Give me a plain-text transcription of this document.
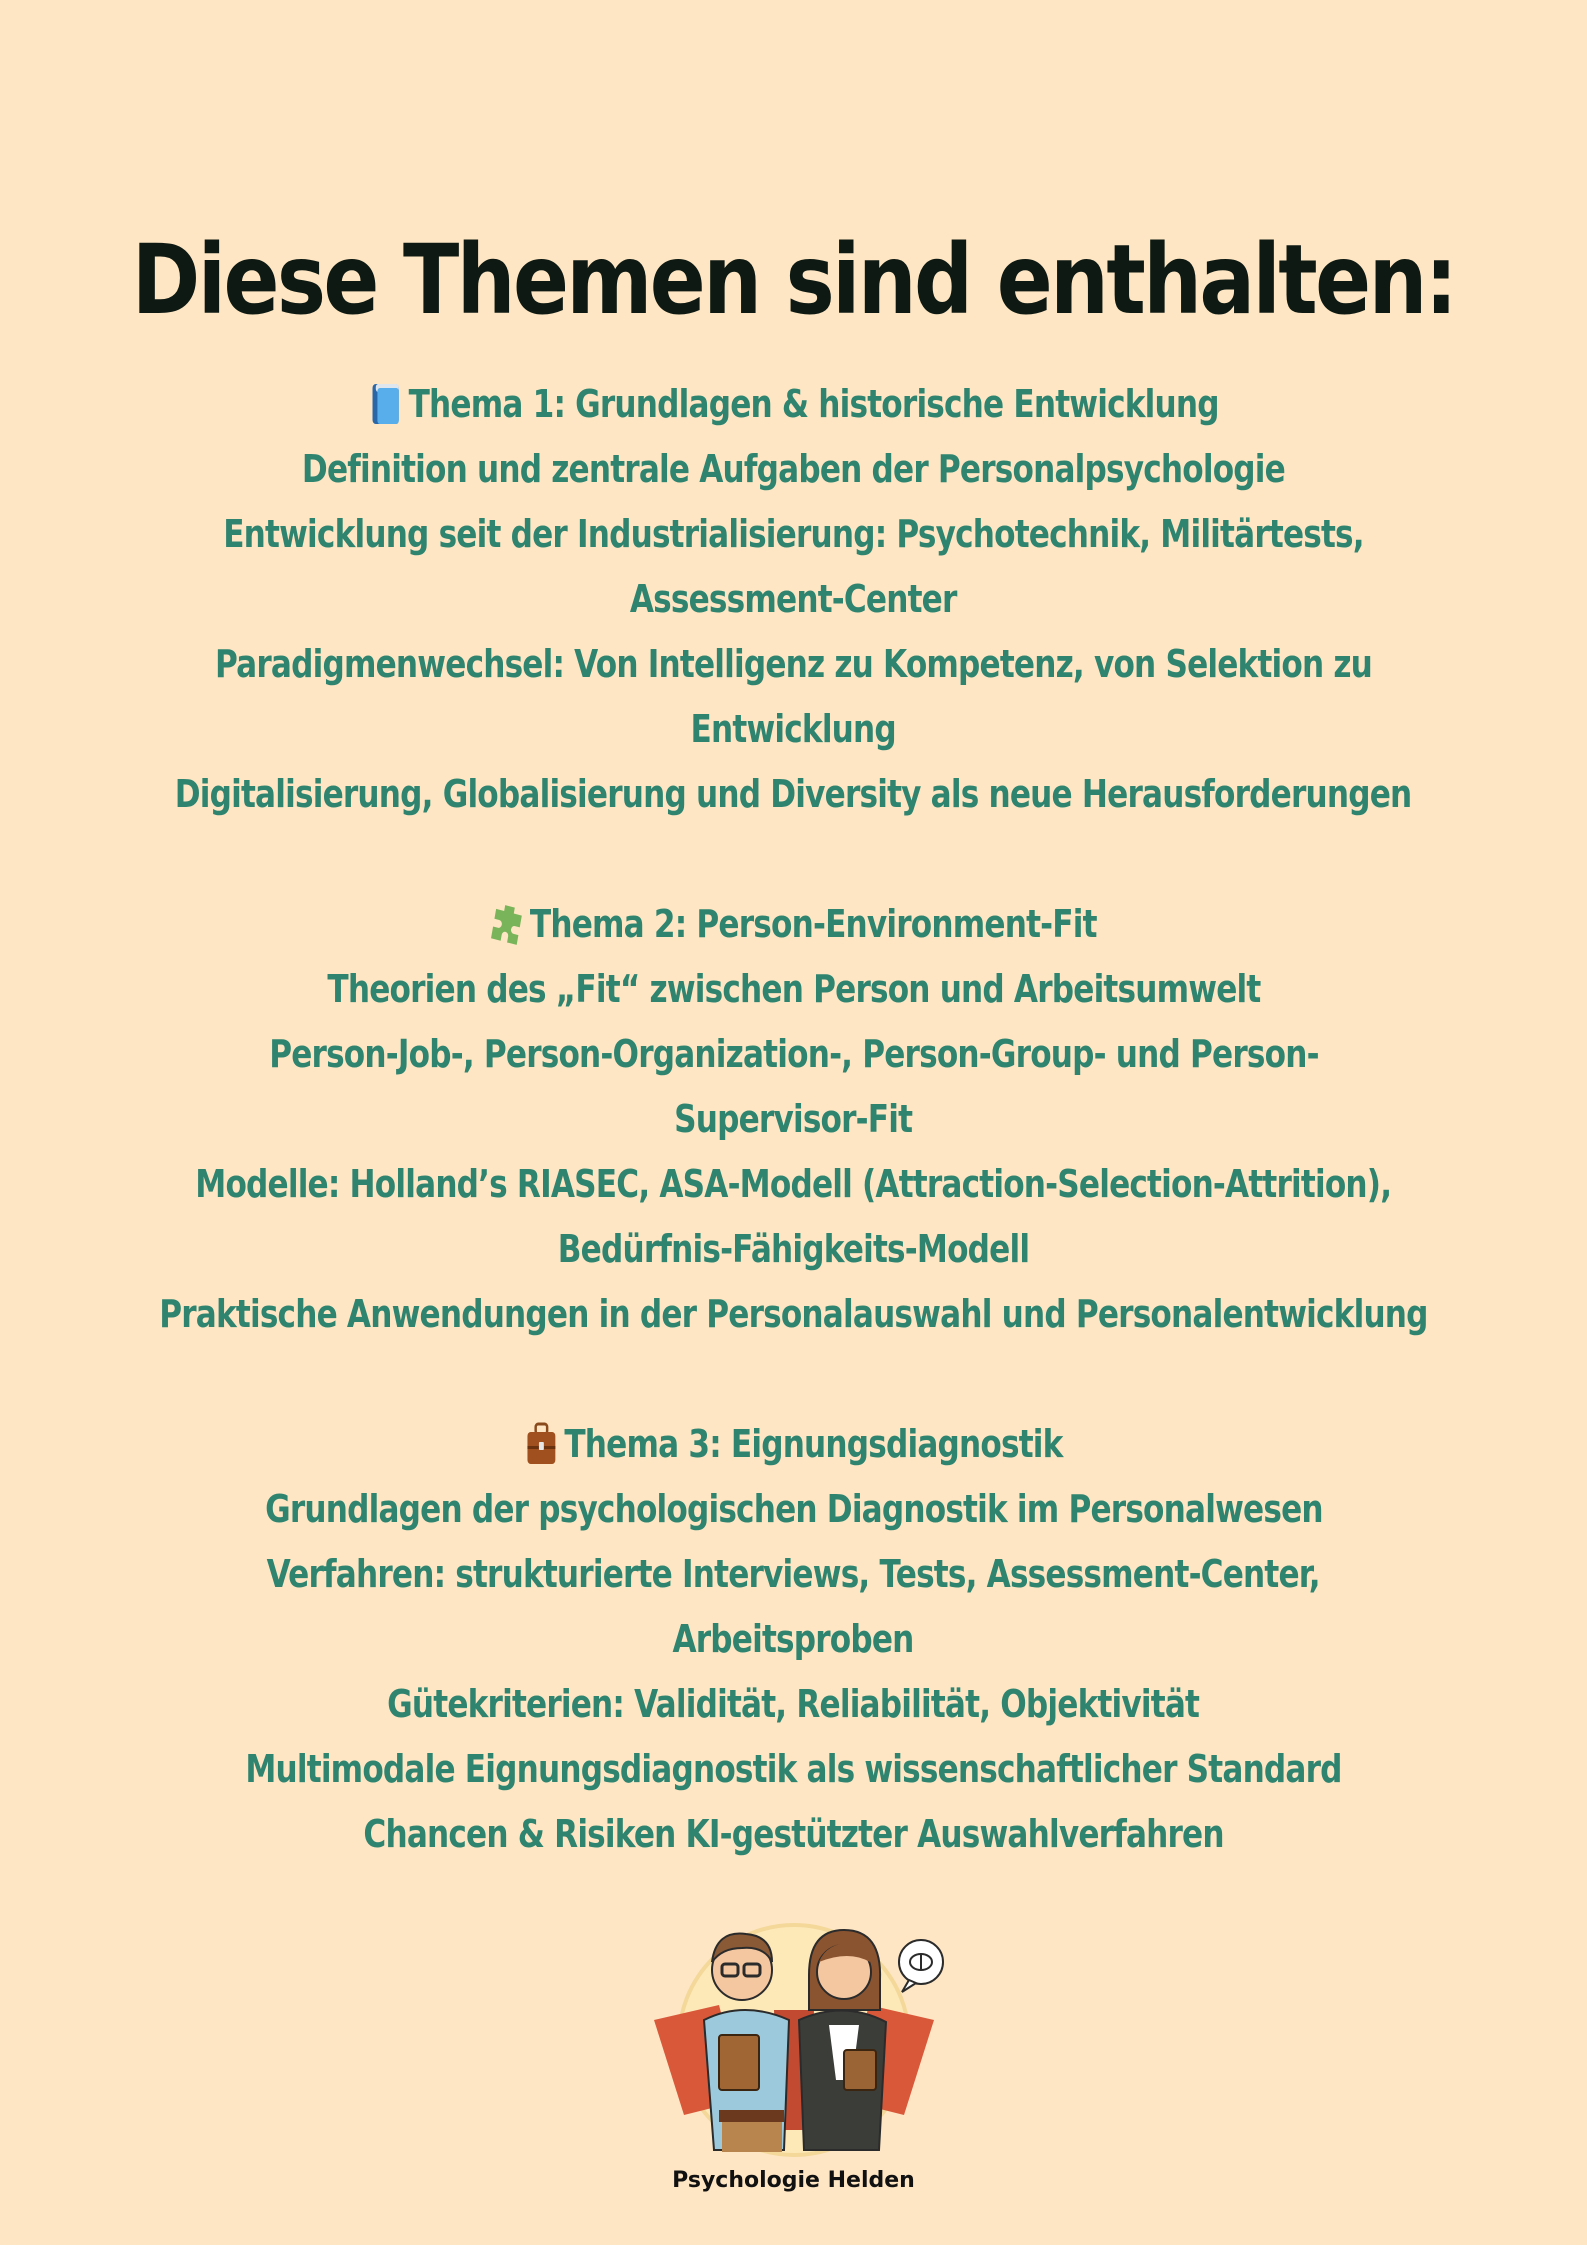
Diese Themen sind enthalten:
Thema 1: Grundlagen & historische Entwicklung
Definition und zentrale Aufgaben der Personalpsychologie
Entwicklung seit der Industrialisierung: Psychotechnik, Militärtests,
Assessment-Center
Paradigmenwechsel: Von Intelligenz zu Kompetenz, von Selektion zu
Entwicklung
Digitalisierung, Globalisierung und Diversity als neue Herausforderungen
Thema 2: Person-Environment-Fit
Theorien des „Fit“ zwischen Person und Arbeitsumwelt
Person-Job-, Person-Organization-, Person-Group- und Person-
Supervisor-Fit
Modelle: Holland’s RIASEC, ASA-Modell (Attraction-Selection-Attrition),
Bedürfnis-Fähigkeits-Modell
Praktische Anwendungen in der Personalauswahl und Personalentwicklung
Thema 3: Eignungsdiagnostik
Grundlagen der psychologischen Diagnostik im Personalwesen
Verfahren: strukturierte Interviews, Tests, Assessment-Center,
Arbeitsproben
Gütekriterien: Validität, Reliabilität, Objektivität
Multimodale Eignungsdiagnostik als wissenschaftlicher Standard
Chancen & Risiken KI-gestützter Auswahlverfahren
Psychologie Helden
